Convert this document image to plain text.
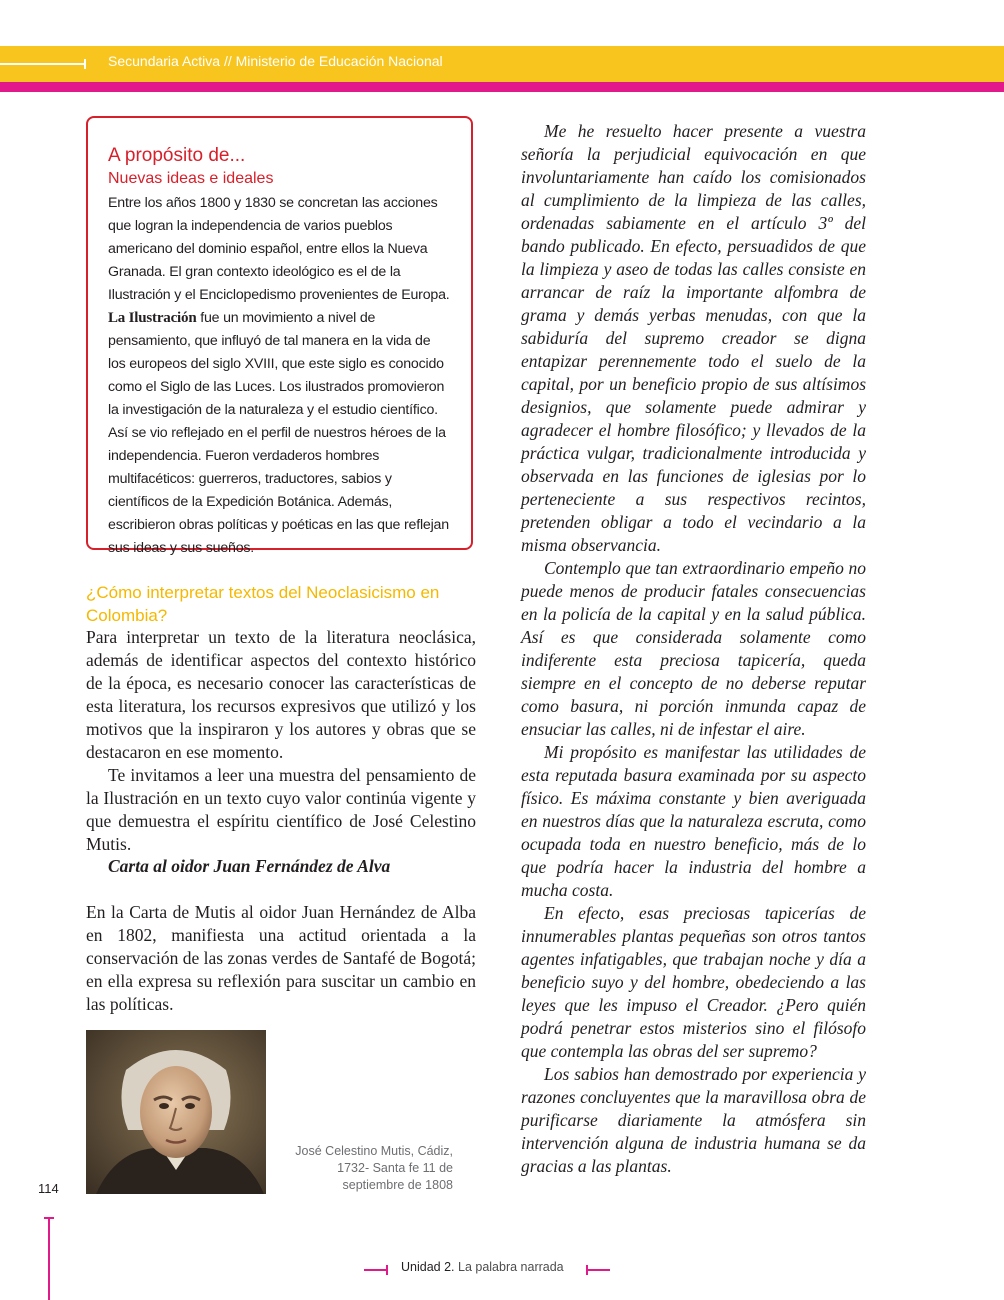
Secundaria Activa // Ministerio de Educación Nacional

A propósito de...

Nuevas ideas e ideales

Entre los años 1800 y 1830 se concretan las acciones que logran la independencia de varios pueblos americano del dominio español, entre ellos la Nueva Granada. El gran contexto ideológico es el de la Ilustración y el Enciclopedismo provenientes de Europa.
La Ilustración fue un movimiento a nivel de pensamiento, que influyó de tal manera en la vida de los europeos del siglo XVIII, que este siglo es conocido como el Siglo de las Luces. Los ilustrados promovieron la investigación de la naturaleza y el estudio científico. Así se vio reflejado en el perfil de nuestros héroes de la independencia. Fueron verdaderos hombres multifacéticos: guerreros, traductores, sabios y científicos de la Expedición Botánica. Además, escribieron obras políticas y poéticas en las que reflejan sus ideas y sus sueños.

¿Cómo interpretar textos del Neoclasicismo en Colombia?

Para interpretar un texto de la literatura neoclásica, además de identificar aspectos del contexto histórico de la época, es necesario conocer las características de esta literatura, los recursos expresivos que utilizó y los motivos que la inspiraron y los autores y obras que se destacaron en ese momento.

Te invitamos a leer una muestra del pensamiento de la Ilustración en un texto cuyo valor continúa vigente y que demuestra el espíritu científico de José Celestino Mutis.

Carta al oidor Juan Fernández de Alva

En la Carta de Mutis al oidor Juan Hernández de Alba en 1802, manifiesta una actitud orientada a la conservación de las zonas verdes de Santafé de Bogotá; en ella expresa su reflexión para suscitar un cambio en las políticas.

José Celestino Mutis, Cádiz, 1732- Santa fe 11 de septiembre de 1808

114

Me he resuelto hacer presente a vuestra señoría la perjudicial equivocación en que involuntariamente han caído los comisionados al cumplimiento de la limpieza de las calles, ordenadas sabiamente en el artículo 3º del bando publicado. En efecto, persuadidos de que la limpieza y aseo de todas las calles consiste en arrancar de raíz la importante alfombra de grama y demás yerbas menudas, con que la sabiduría del supremo creador se digna entapizar perennemente todo el suelo de la capital, por un beneficio propio de sus altísimos designios, que solamente puede admirar y agradecer el hombre filosófico; y llevados de la práctica vulgar, tradicionalmente introducida y observada en las funciones de iglesias por lo perteneciente a sus respectivos recintos, pretenden obligar a todo el vecindario a la misma observancia.

Contemplo que tan extraordinario empeño no puede menos de producir fatales consecuencias en la policía de la capital y en la salud pública. Así es que considerada solamente como indiferente esta preciosa tapicería, queda siempre en el concepto de no deberse reputar como basura, ni porción inmunda capaz de ensuciar las calles, ni de infestar el aire.

Mi propósito es manifestar las utilidades de esta reputada basura examinada por su aspecto físico. Es máxima constante y bien averiguada en nuestros días que la naturaleza escruta, como ocupada toda en nuestro beneficio, más de lo que podría hacer la industria del hombre a mucha costa.

En efecto, esas preciosas tapicerías de innumerables plantas pequeñas son otros tantos agentes infatigables, que trabajan noche y día a beneficio suyo y del hombre, obedeciendo a las leyes que les impuso el Creador. ¿Pero quién podrá penetrar estos misterios sino el filósofo que contempla las obras del ser supremo?

Los sabios han demostrado por experiencia y razones concluyentes que la maravillosa obra de purificarse diariamente la atmósfera sin intervención alguna de industria humana se da gracias a las plantas.

Unidad 2. La palabra narrada
